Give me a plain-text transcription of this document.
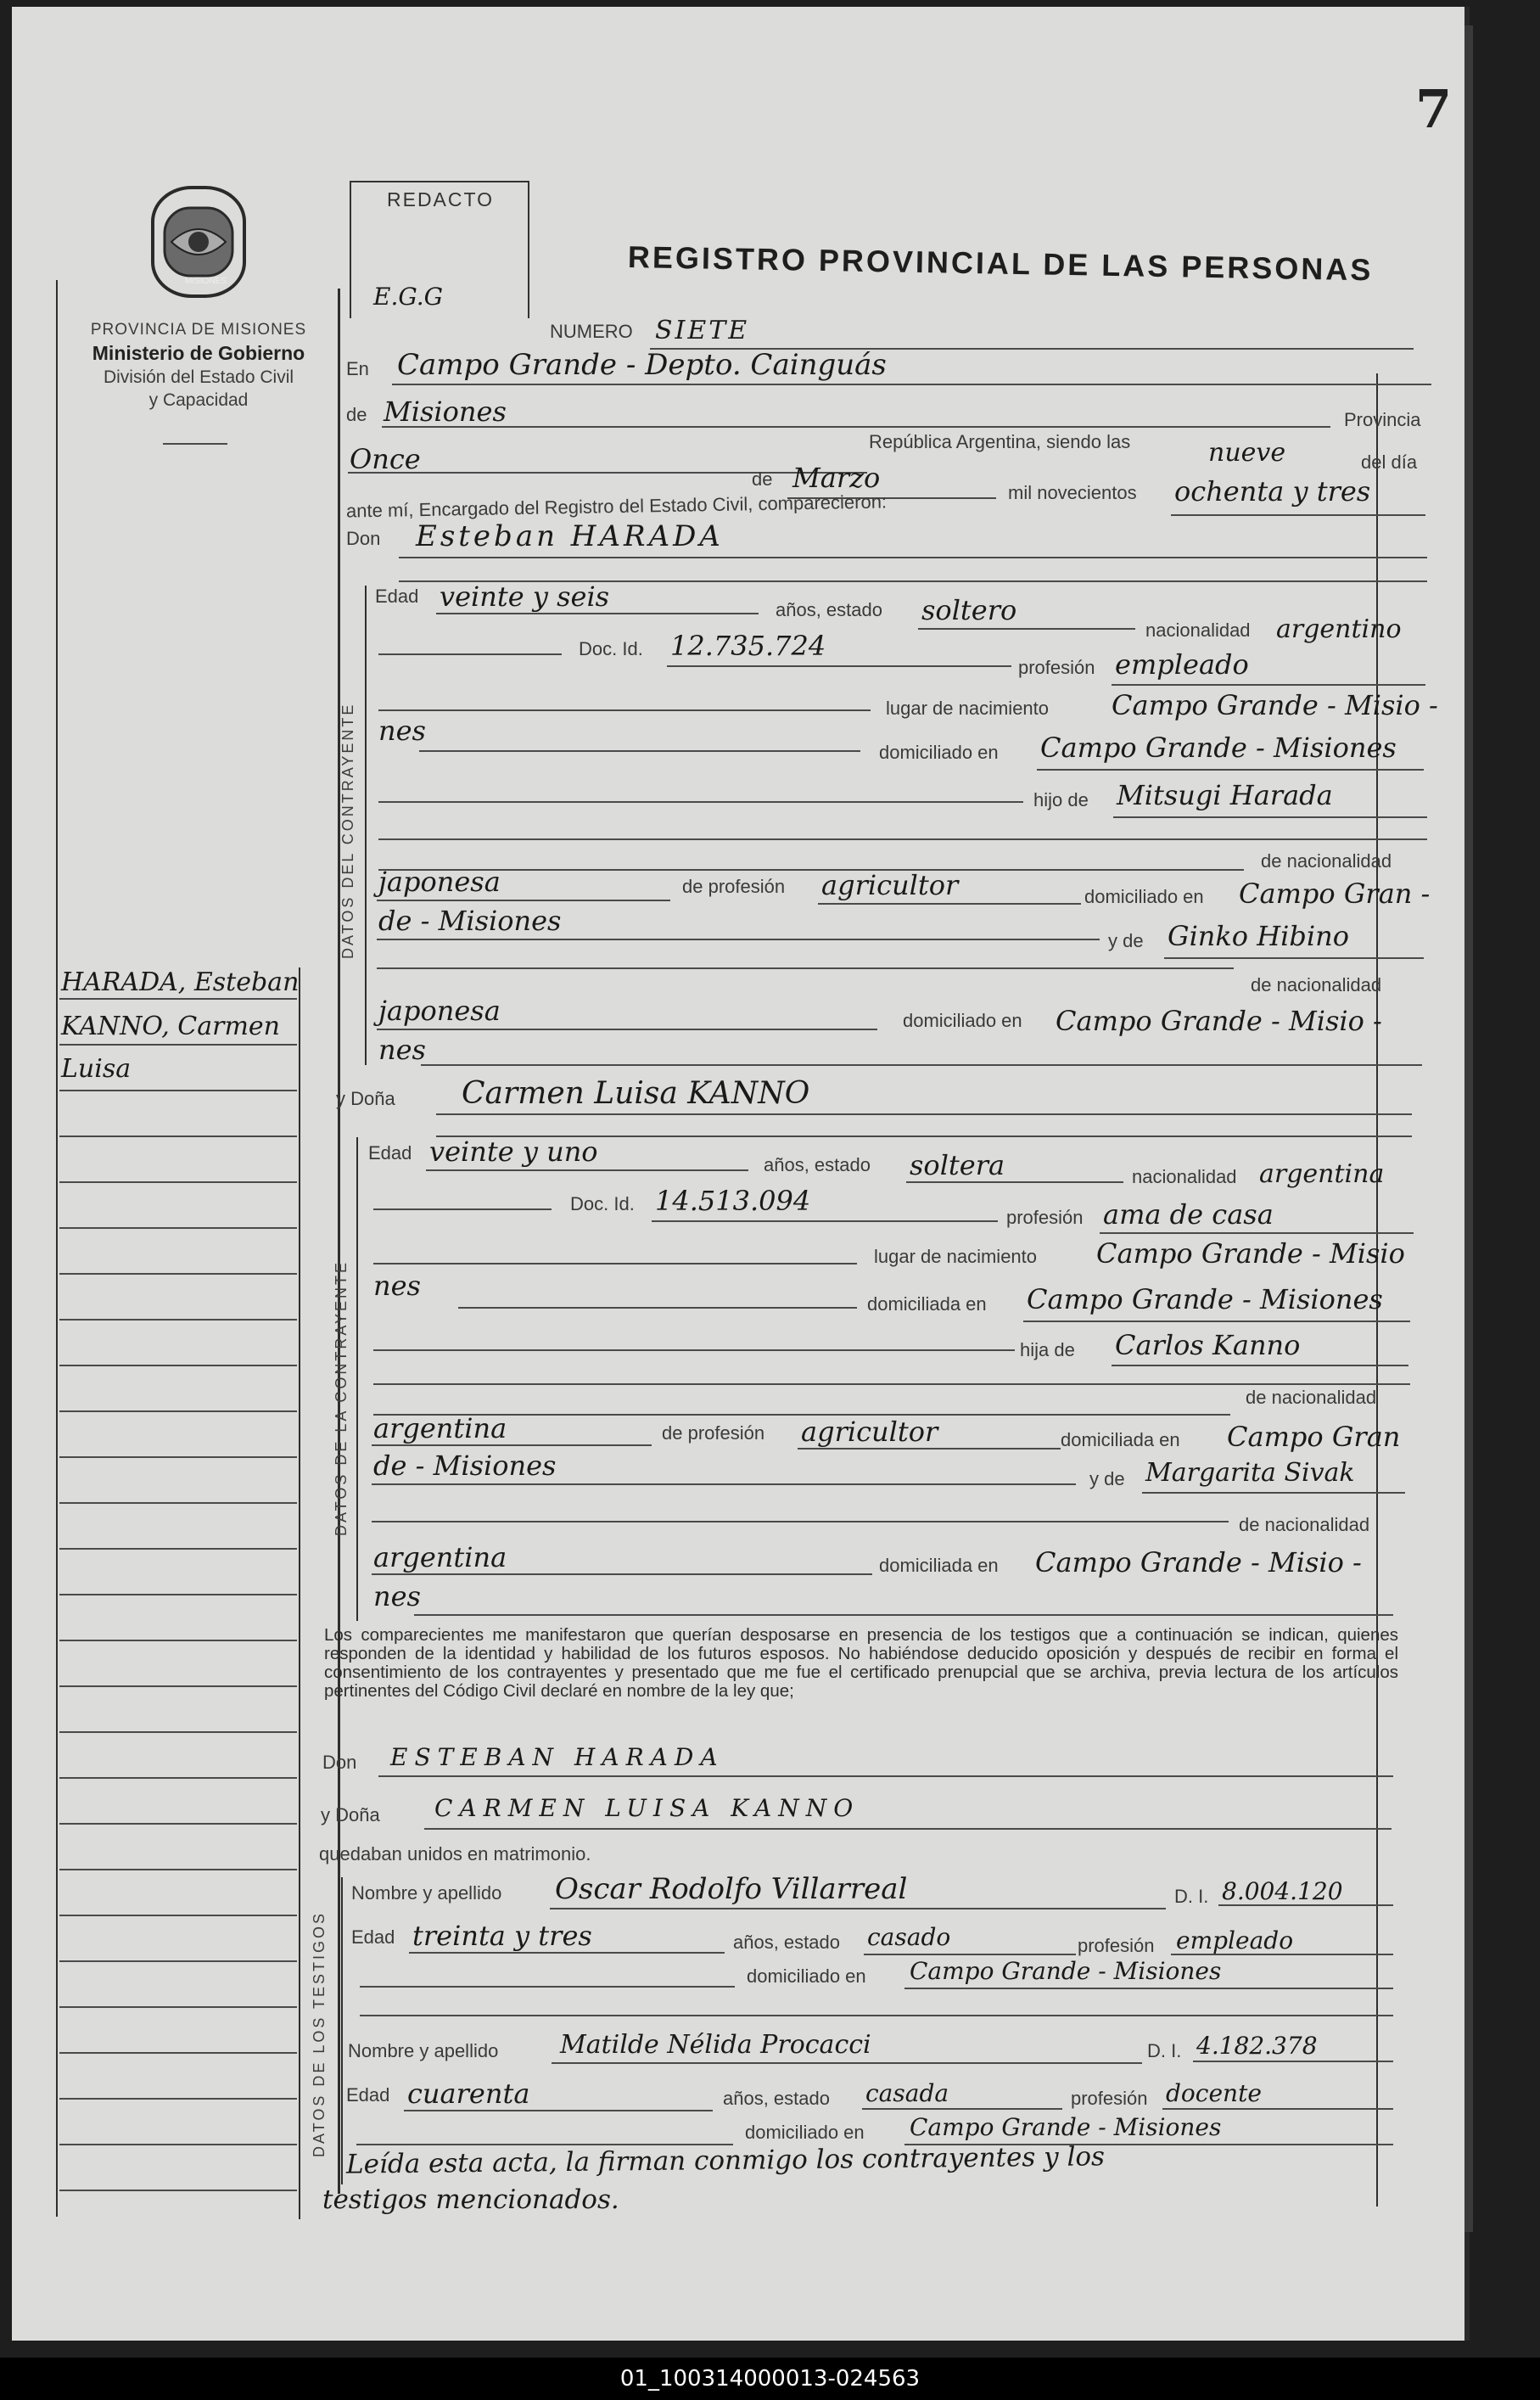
7
MISIONES
PROVINCIA DE MISIONES
Ministerio de Gobierno
División del Estado Civil
y Capacidad
REDACTO
E.G.G
REGISTRO PROVINCIAL DE LAS PERSONAS
NUMERO SIETE
En Campo Grande - Depto. Cainguás
de Misiones	Provincia
Once
República Argentina, siendo las	nueve	del día
de Marzo	mil novecientos ochenta y tres
ante mí, Encargado del Registro del Estado Civil, comparecieron:
Don Esteban HARADA
DATOS DEL CONTRAYENTE
Edad veinte y seis	años, estado soltero
nacionalidad argentino
Doc. Id. 12.735.724
profesión empleado
lugar de nacimiento Campo Grande - Misio -
nes
domiciliado en Campo Grande - Misiones
hijo de Mitsugi Harada
de nacionalidad
japonesa	de profesión agricultor	domiciliado en Campo Gran -
de - Misiones
y de Ginko Hibino
de nacionalidad
japonesa	domiciliado en Campo Grande - Misio -
nes
y Doña Carmen Luisa KANNO
DATOS DE LA CONTRAYENTE
Edad veinte y uno	años, estado soltera	nacionalidad argentina
Doc. Id. 14.513.094
profesión ama de casa
lugar de nacimiento Campo Grande - Misio
nes
domiciliada en Campo Grande - Misiones
hija de Carlos Kanno
de nacionalidad
argentina	de profesión agricultor	domiciliada en Campo Gran
de - Misiones	y de Margarita Sivak
de nacionalidad
argentina	domiciliada en Campo Grande - Misio -
nes
Los comparecientes me manifestaron que querían desposarse en presencia de los testigos que a continuación se indican, quienes responden de la identidad y habilidad de los futuros esposos. No habiéndose deducido oposición y después de recibir en forma el consentimiento de los contrayentes y presentado que me fue el certificado prenupcial que se archiva, previa lectura de los artículos pertinentes del Código Civil declaré en nombre de la ley que;
Don ESTEBAN HARADA
y Doña CARMEN LUISA KANNO
quedaban unidos en matrimonio.
DATOS DE LOS TESTIGOS
Nombre y apellido Oscar Rodolfo Villarreal	D. I. 8.004.120
Edad treinta y tres	años, estado casado	profesión empleado
domiciliado en Campo Grande - Misiones
Nombre y apellido Matilde Nélida Procacci	D. I. 4.182.378
Edad cuarenta	años, estado casada	profesión docente
domiciliado en Campo Grande - Misiones
Leída esta acta, la firman conmigo los contrayentes y los
testigos mencionados.
HARADA, Esteban
KANNO, Carmen
Luisa
01_100314000013-024563
